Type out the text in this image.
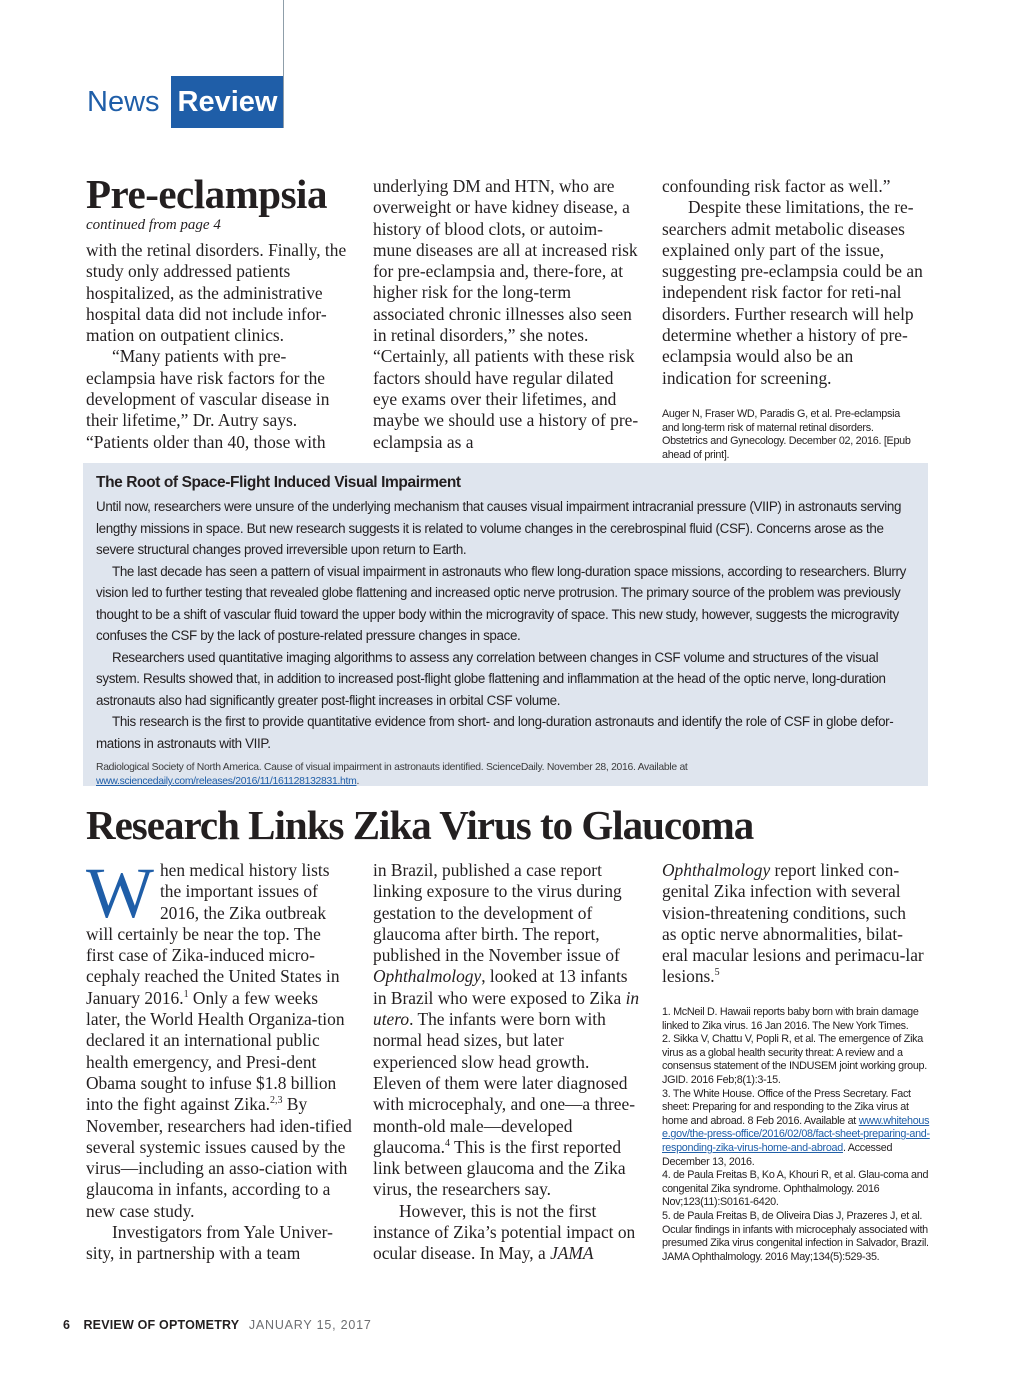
News Review
Pre-eclampsia
continued from page 4

with the retinal disorders. Finally, the study only addressed patients hospitalized, as the administrative hospital data did not include infor-mation on outpatient clinics.

“Many patients with pre-eclampsia have risk factors for the development of vascular disease in their lifetime,” Dr. Autry says. “Patients older than 40, those with

underlying DM and HTN, who are overweight or have kidney disease, a history of blood clots, or autoim-mune diseases are all at increased risk for pre-eclampsia and, there-fore, at higher risk for the long-term associated chronic illnesses also seen in retinal disorders,” she notes. “Certainly, all patients with these risk factors should have regular dilated eye exams over their lifetimes, and maybe we should use a history of pre-eclampsia as a

confounding risk factor as well.”

Despite these limitations, the re-searchers admit metabolic diseases explained only part of the issue, suggesting pre-eclampsia could be an independent risk factor for reti-nal disorders. Further research will help determine whether a history of pre-eclampsia would also be an indication for screening.

Auger N, Fraser WD, Paradis G, et al. Pre-eclampsia and long-term risk of maternal retinal disorders. Obstetrics and Gynecology. December 02, 2016. [Epub ahead of print].
The Root of Space-Flight Induced Visual Impairment

Until now, researchers were unsure of the underlying mechanism that causes visual impairment intracranial pressure (VIIP) in astronauts serving lengthy missions in space. But new research suggests it is related to volume changes in the cerebrospinal fluid (CSF). Concerns arose as the severe structural changes proved irreversible upon return to Earth.

The last decade has seen a pattern of visual impairment in astronauts who flew long-duration space missions, according to researchers. Blurry vision led to further testing that revealed globe flattening and increased optic nerve protrusion. The primary source of the problem was previously thought to be a shift of vascular fluid toward the upper body within the microgravity of space. This new study, however, suggests the microgravity confuses the CSF by the lack of posture-related pressure changes in space.

Researchers used quantitative imaging algorithms to assess any correlation between changes in CSF volume and structures of the visual system. Results showed that, in addition to increased post-flight globe flattening and inflammation at the head of the optic nerve, long-duration astronauts also had significantly greater post-flight increases in orbital CSF volume.

This research is the first to provide quantitative evidence from short- and long-duration astronauts and identify the role of CSF in globe defor-mations in astronauts with VIIP.

Radiological Society of North America. Cause of visual impairment in astronauts identified. ScienceDaily. November 28, 2016. Available at www.sciencedaily.com/releases/2016/11/161128132831.htm.
Research Links Zika Virus to Glaucoma

When medical history lists the important issues of 2016, the Zika outbreak will certainly be near the top. The first case of Zika-induced micro-cephaly reached the United States in January 2016.$^1$ Only a few weeks later, the World Health Organiza-tion declared it an international public health emergency, and Presi-dent Obama sought to infuse $1.8 billion into the fight against Zika.$^{2,3}$ By November, researchers had iden-tified several systemic issues caused by the virus—including an asso-ciation with glaucoma in infants, according to a new case study.

Investigators from Yale Univer-sity, in partnership with a team

in Brazil, published a case report linking exposure to the virus during gestation to the development of glaucoma after birth. The report, published in the November issue of Ophthalmology, looked at 13 infants in Brazil who were exposed to Zika in utero. The infants were born with normal head sizes, but later experienced slow head growth. Eleven of them were later diagnosed with microcephaly, and one—a three-month-old male—developed glaucoma.$^4$ This is the first reported link between glaucoma and the Zika virus, the researchers say.

However, this is not the first instance of Zika’s potential impact on ocular disease. In May, a JAMA

Ophthalmology report linked con-genital Zika infection with several vision-threatening conditions, such as optic nerve abnormalities, bilat-eral macular lesions and perimacu-lar lesions.$^5$

1. McNeil D. Hawaii reports baby born with brain damage linked to Zika virus. 16 Jan 2016. The New York Times.
2. Sikka V, Chattu V, Popli R, et al. The emergence of Zika virus as a global health security threat: A review and a consensus statement of the INDUSEM joint working group. JGID. 2016 Feb;8(1):3-15.
3. The White House. Office of the Press Secretary. Fact sheet: Preparing for and responding to the Zika virus at home and abroad. 8 Feb 2016. Available at www.whitehouse.gov/the-press-office/2016/02/08/fact-sheet-preparing-and-responding-zika-virus-home-and-abroad. Accessed December 13, 2016.
4. de Paula Freitas B, Ko A, Khouri R, et al. Glau-coma and congenital Zika syndrome. Ophthalmology. 2016 Nov;123(11):S0161-6420.
5. de Paula Freitas B, de Oliveira Dias J, Prazeres J, et al. Ocular findings in infants with microcephaly associated with presumed Zika virus congenital infection in Salvador, Brazil. JAMA Ophthalmology. 2016 May;134(5):529-35.
6 REVIEW OF OPTOMETRY JANUARY 15, 2017
